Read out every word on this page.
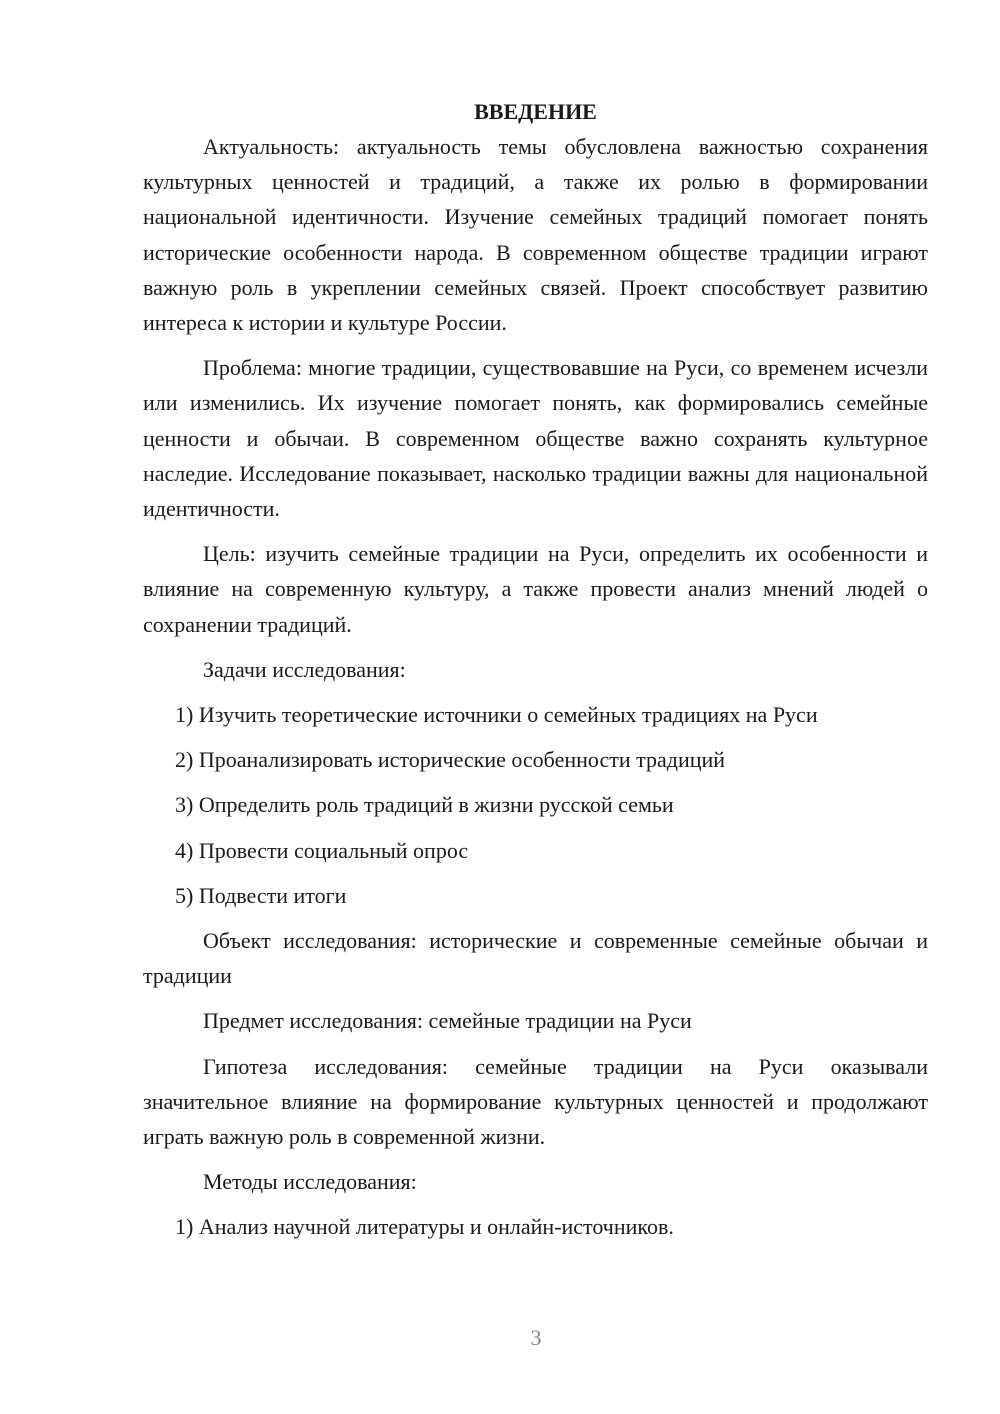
ВВЕДЕНИЕ

Актуальность: актуальность темы обусловлена важностью сохранения культурных ценностей и традиций, а также их ролью в формировании национальной идентичности. Изучение семейных традиций помогает понять исторические особенности народа. В современном обществе традиции играют важную роль в укреплении семейных связей. Проект способствует развитию интереса к истории и культуре России.

Проблема: многие традиции, существовавшие на Руси, со временем исчезли или изменились. Их изучение помогает понять, как формировались семейные ценности и обычаи. В современном обществе важно сохранять культурное наследие. Исследование показывает, насколько традиции важны для национальной идентичности.

Цель: изучить семейные традиции на Руси, определить их особенности и влияние на современную культуру, а также провести анализ мнений людей о сохранении традиций.

Задачи исследования:

1) Изучить теоретические источники о семейных традициях на Руси
2) Проанализировать исторические особенности традиций
3) Определить роль традиций в жизни русской семьи
4) Провести социальный опрос
5) Подвести итоги

Объект исследования: исторические и современные семейные обычаи и традиции

Предмет исследования: семейные традиции на Руси

Гипотеза исследования: семейные традиции на Руси оказывали значительное влияние на формирование культурных ценностей и продолжают играть важную роль в современной жизни.

Методы исследования:

1) Анализ научной литературы и онлайн-источников.
3
